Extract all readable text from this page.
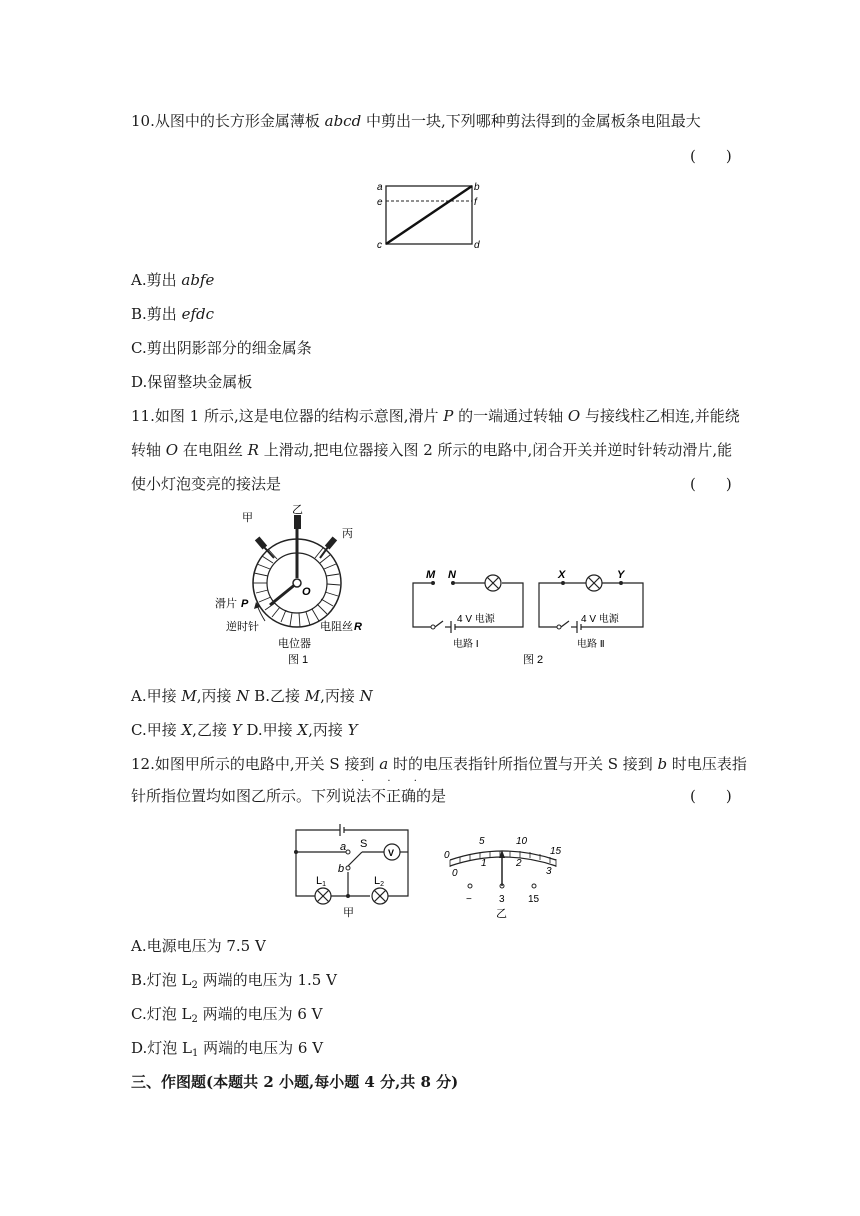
10.从图中的长方形金属薄板 abcd 中剪出一块,下列哪种剪法得到的金属板条电阻最大
(　　)
a	b
c	d
e	f
A.剪出 abfe
B.剪出 efdc
C.剪出阴影部分的细金属条
D.保留整块金属板
11.如图 1 所示,这是电位器的结构示意图,滑片 P 的一端通过转轴 O 与接线柱乙相连,并能绕
转轴 O 在电阻丝 R 上滑动,把电位器接入图 2 所示的电路中,闭合开关并逆时针转动滑片,能
使小灯泡变亮的接法是	(　　)
甲
乙
丙
O
滑片 P
逆时针	电阻丝 R
电位器
图 1
M N
4 V 电源
电路 Ⅰ
X	Y
4 V 电源
电路 Ⅱ
图 2
A.甲接 M,丙接 N B.乙接 M,丙接 N
C.甲接 X,乙接 Y D.甲接 X,丙接 Y
12.如图甲所示的电路中,开关 S 接到 a 时的电压表指针所指位置与开关 S 接到 b 时电压表指
针所指位置均如图乙所示。下列说法不正确的是
· · ·
(　　)
V
S
a
b
L1	L2
甲
5	10
15
0
0
1	2
3
−	3 15
乙
A.电源电压为 7.5 V
B.灯泡 $L_2$ 两端的电压为 1.5 V
C.灯泡 $L_2$ 两端的电压为 6 V
D.灯泡 $L_1$ 两端的电压为 6 V
三、作图题(本题共 2 小题,每小题 4 分,共 8 分)
